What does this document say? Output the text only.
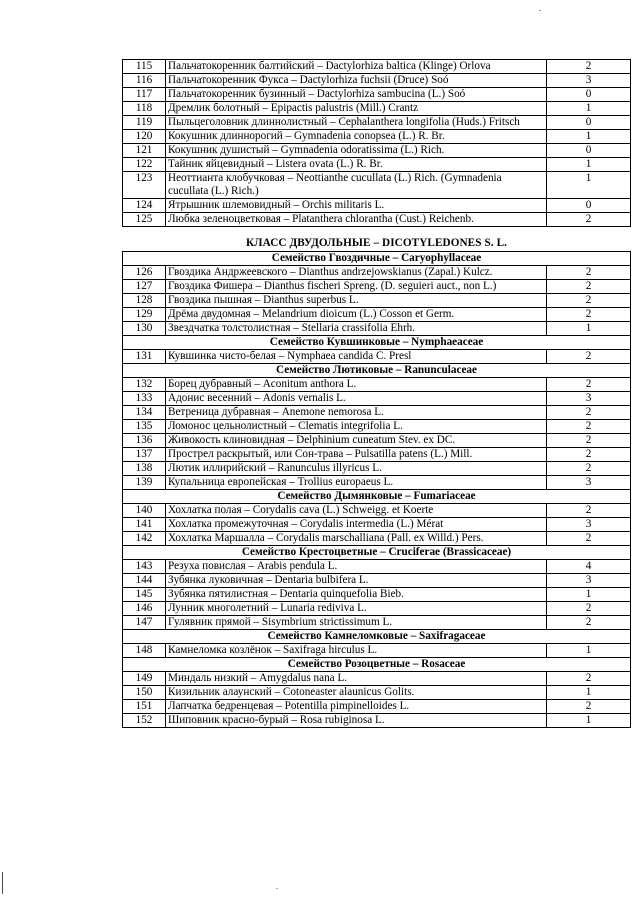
115	Пальчатокоренник балтийский – Dactylorhiza baltica (Klinge) Orlova	2
116	Пальчатокоренник Фукса – Dactylorhiza fuchsii (Druce) Soó	3
117	Пальчатокоренник бузинный – Dactylorhiza sambucina (L.) Soó	0
118	Дремлик болотный – Epipactis palustris (Mill.) Crantz	1
119	Пыльцеголовник длиннолистный – Cephalanthera longifolia (Huds.) Fritsch	0
120	Кокушник длиннорогий – Gymnadenia conopsea (L.) R. Br.	1
121	Кокушник душистый – Gymnadenia odoratissima (L.) Rich.	0
122	Тайник яйцевидный – Listera ovata (L.) R. Br.	1
123	Неоттианта клобучковая – Neottianthe cucullata (L.) Rich. (Gymnadenia cucullata (L.) Rich.)	1
124	Ятрышник шлемовидный – Orchis militaris L.	0
125	Любка зеленоцветковая – Platanthera chlorantha (Cust.) Reichenb.	2
КЛАСС ДВУДОЛЬНЫЕ – DICOTYLEDONES S. L.		
Семейство Гвоздичные – Caryophyllaceae		
126	Гвоздика Андржеевского – Dianthus andrzejowskianus (Zapal.) Kulcz.	2
127	Гвоздика Фишера – Dianthus fischeri Spreng. (D. seguieri auct., non L.)	2
128	Гвоздика пышная – Dianthus superbus L.	2
129	Дрёма двудомная – Melandrium dioicum (L.) Cosson et Germ.	2
130	Звездчатка толстолистная – Stellaria crassifolia Ehrh.	1
Семейство Кувшинковые – Nymphaeaceae		
131	Кувшинка чисто-белая – Nymphaea candida C. Presl	2
Семейство Лютиковые – Ranunculaceae		
132	Борец дубравный – Aconitum anthora L.	2
133	Адонис весенний – Adonis vernalis L.	3
134	Ветреница дубравная – Anemone nemorosa L.	2
135	Ломонос цельнолистный – Clematis integrifolia L.	2
136	Живокость клиновидная – Delphinium cuneatum Stev. ex DC.	2
137	Прострел раскрытый, или Сон-трава – Pulsatilla patens (L.) Mill.	2
138	Лютик иллирийский – Ranunculus illyricus L.	2
139	Купальница европейская – Trollius europaeus L.	3
Семейство Дымянковые – Fumariaceae		
140	Хохлатка полая – Corydalis cava (L.) Schweigg. et Koerte	2
141	Хохлатка промежуточная – Corydalis intermedia (L.) Mérat	3
142	Хохлатка Маршалла – Corydalis marschalliana (Pall. ex Willd.) Pers.	2
Семейство Крестоцветные – Cruciferae (Brassicaceae)		
143	Резуха повислая – Arabis pendula L.	4
144	Зубянка луковичная – Dentaria bulbifera L.	3
145	Зубянка пятилистная – Dentaria quinquefolia Bieb.	1
146	Лунник многолетний – Lunaria rediviva L.	2
147	Гулявник прямой – Sisymbrium strictissimum L.	2
Семейство Камнеломковые – Saxifragaceae		
148	Камнеломка козлёнок – Saxifraga hirculus L.	1
Семейство Розоцветные – Rosaceae		
149	Миндаль низкий – Amygdalus nana L.	2
150	Кизильник алаунский – Cotoneaster alaunicus Golits.	1
151	Лапчатка бедренцевая – Potentilla pimpinelloides L.	2
152	Шиповник красно-бурый – Rosa rubiginosa L.	1
